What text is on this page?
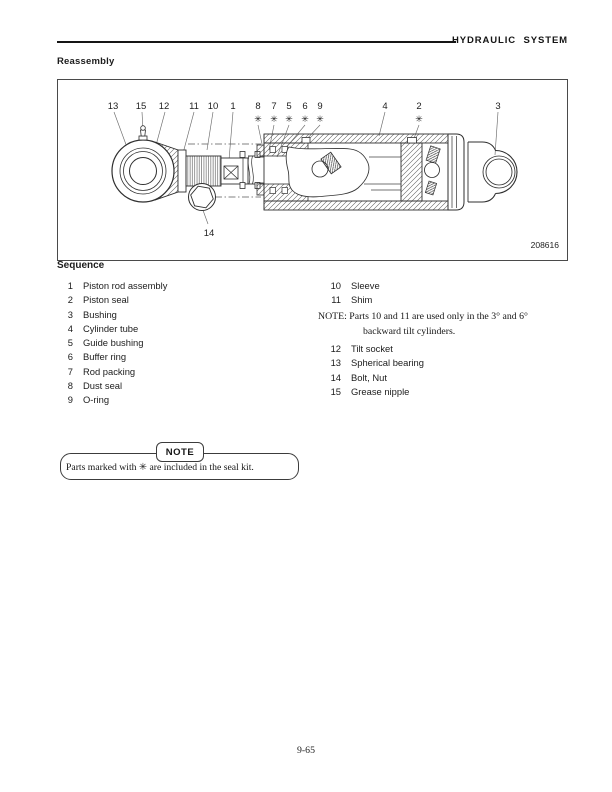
HYDRAULIC SYSTEM
Reassembly
13 15 12 11 10 1 8 7 5 6 9	4	2	3
14
✳ ✳ ✳ ✳ ✳	✳
208616
Sequence
1 Piston rod assembly
2 Piston seal
3 Bushing
4 Cylinder tube
5 Guide bushing
6 Buffer ring
7 Rod packing
8 Dust seal
9 O-ring
10 Sleeve
11 Shim
NOTE: Parts 10 and 11 are used only in the 3° and 6°
backward tilt cylinders.
12 Tilt socket
13 Spherical bearing
14 Bolt, Nut
15 Grease nipple
NOTE
Parts marked with ✳ are included in the seal kit.
9-65
